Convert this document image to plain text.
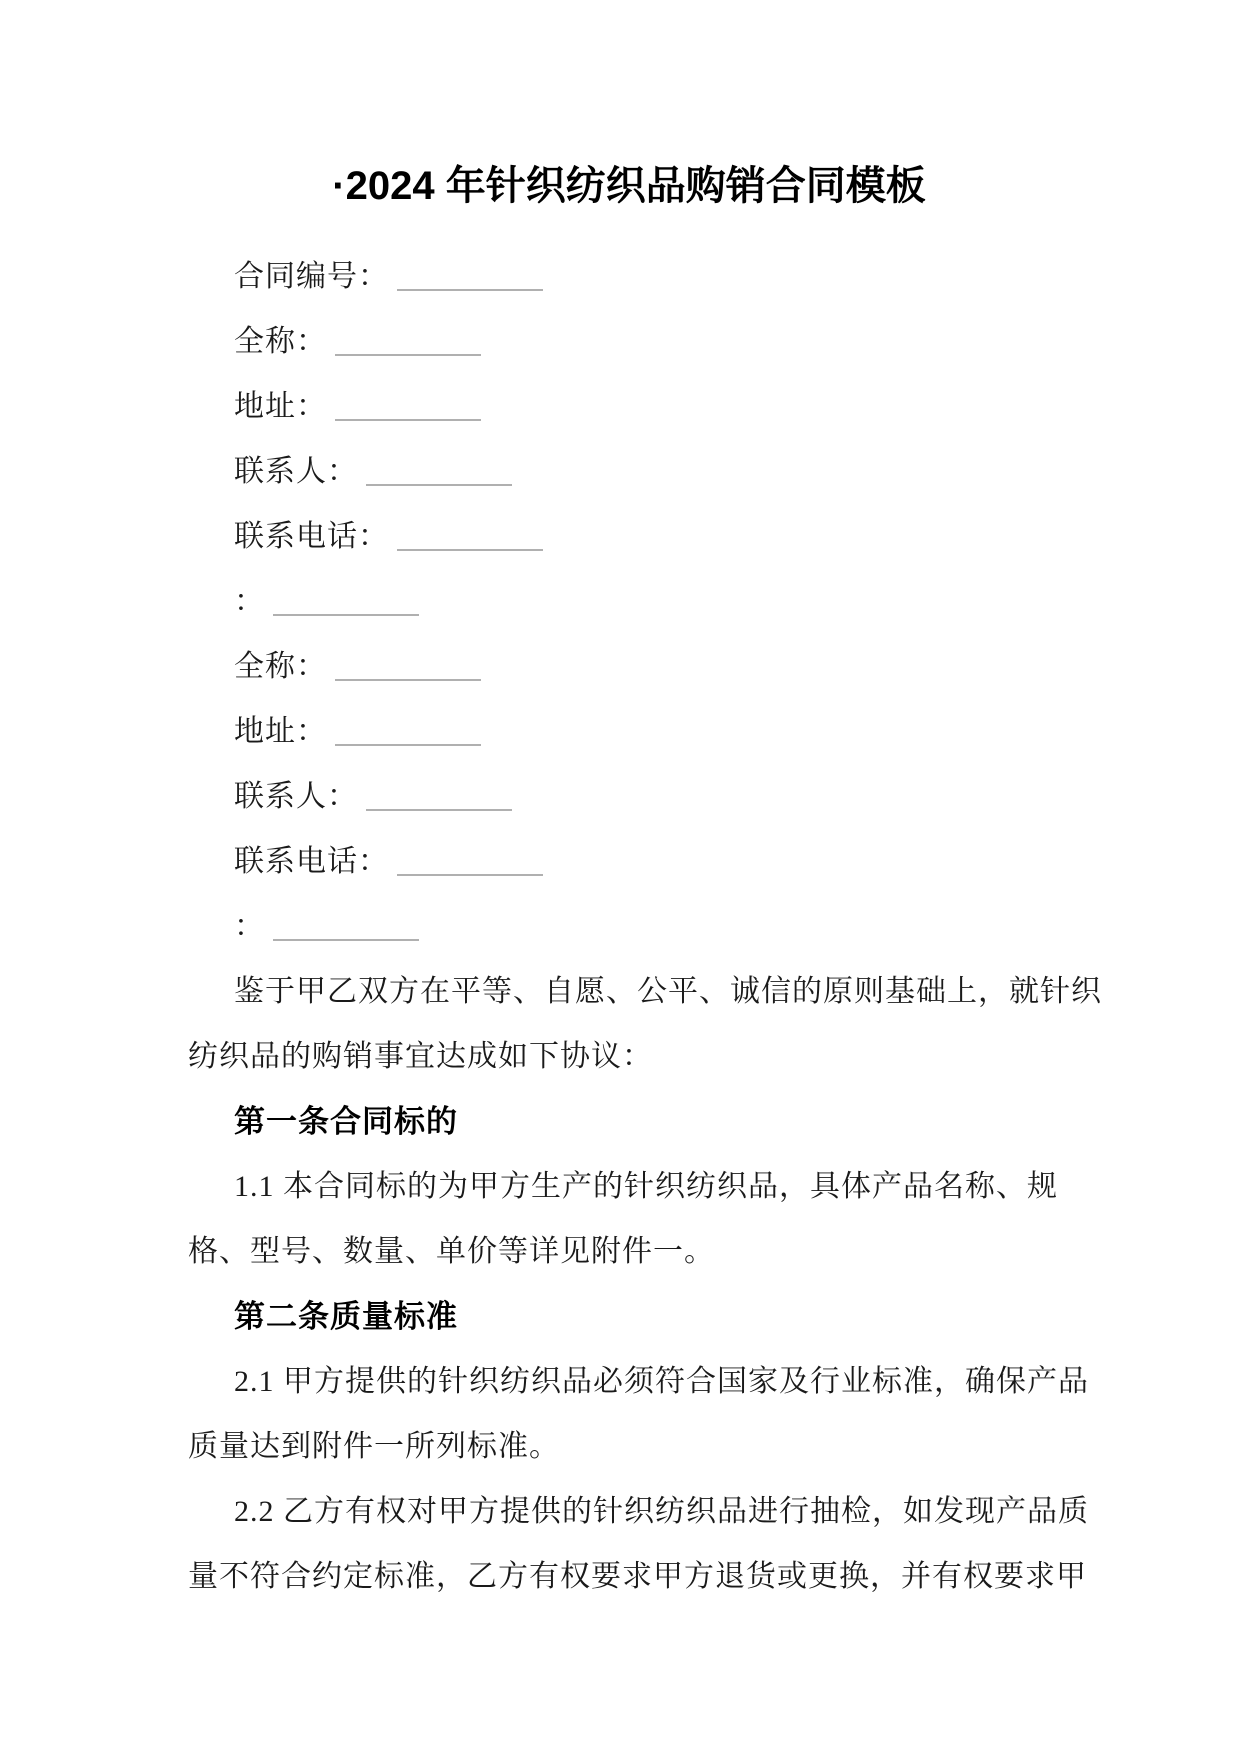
·2024 年针织纺织品购销合同模板
合同编号：
全称：
地址：
联系人：
联系电话：
：
全称：
地址：
联系人：
联系电话：
：
鉴于甲乙双方在平等、自愿、公平、诚信的原则基础上，就针织
纺织品的购销事宜达成如下协议：
第一条合同标的
1.1 本合同标的为甲方生产的针织纺织品，具体产品名称、规
格、型号、数量、单价等详见附件一。
第二条质量标准
2.1 甲方提供的针织纺织品必须符合国家及行业标准，确保产品
质量达到附件一所列标准。
2.2 乙方有权对甲方提供的针织纺织品进行抽检，如发现产品质
量不符合约定标准，乙方有权要求甲方退货或更换，并有权要求甲
